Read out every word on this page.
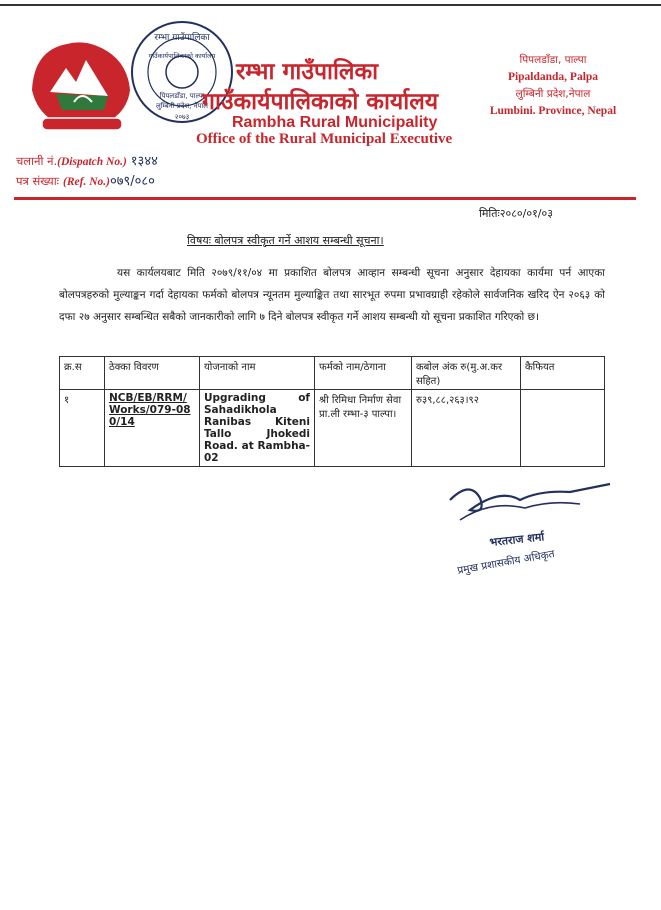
रम्भा गाउँपालिका
गाउँकार्यपालिकाको कार्यालय
पिपलडाँडा, पाल्पा
लुम्बिनी प्रदेश, नेपाल
२०७३
रम्भा गाउँपालिका
गाउँकार्यपालिकाको कार्यालय
Rambha Rural Municipality
Office of the Rural Municipal Executive
पिपलडाँडा, पाल्पा
Pipaldanda, Palpa
लुम्बिनी प्रदेश,नेपाल
Lumbini. Province, Nepal
चलानी नं.(Dispatch No.) १३४४
पत्र संख्याः (Ref. No.)०७९/०८०
मितिः२०८०/०१/०३
विषयः बोलपत्र स्वीकृत गर्ने आशय सम्बन्धी सूचना।
यस कार्यलयबाट मिति २०७९/११/०४ मा प्रकाशित बोलपत्र आव्हान सम्बन्धी सूचना अनुसार देहायका कार्यमा पर्न आएका बोलपत्रहरुको मुल्याङ्कन गर्दा देहायका फर्मको बोलपत्र न्यूनतम मुल्याङ्कित तथा सारभूत रुपमा प्रभावग्राही रहेकोले सार्वजनिक खरिद ऐन २०६३ को दफा २७ अनुसार सम्बन्धित सबैको जानकारीको लागि ७ दिने बोलपत्र स्वीकृत गर्ने आशय सम्बन्धी यो सूचना प्रकाशित गरिएको छ।
क्र.स	ठेक्का विवरण	योजनाको नाम	फर्मको नाम/ठेगाना	कबोल अंक रु(मु.अ.कर सहित)	कैफियत
१	NCB/EB/RRM/Works/079-080/14	Upgrading of Sahadikhola Ranibas Kiteni Tallo Jhokedi Road. at Rambha-02	श्री रिमिधा निर्माण सेवा प्रा.ली रम्भा-३ पाल्पा।	रु३९,८८,२६३।९२	
भरतराज शर्मा
प्रमुख प्रशासकीय अधिकृत
